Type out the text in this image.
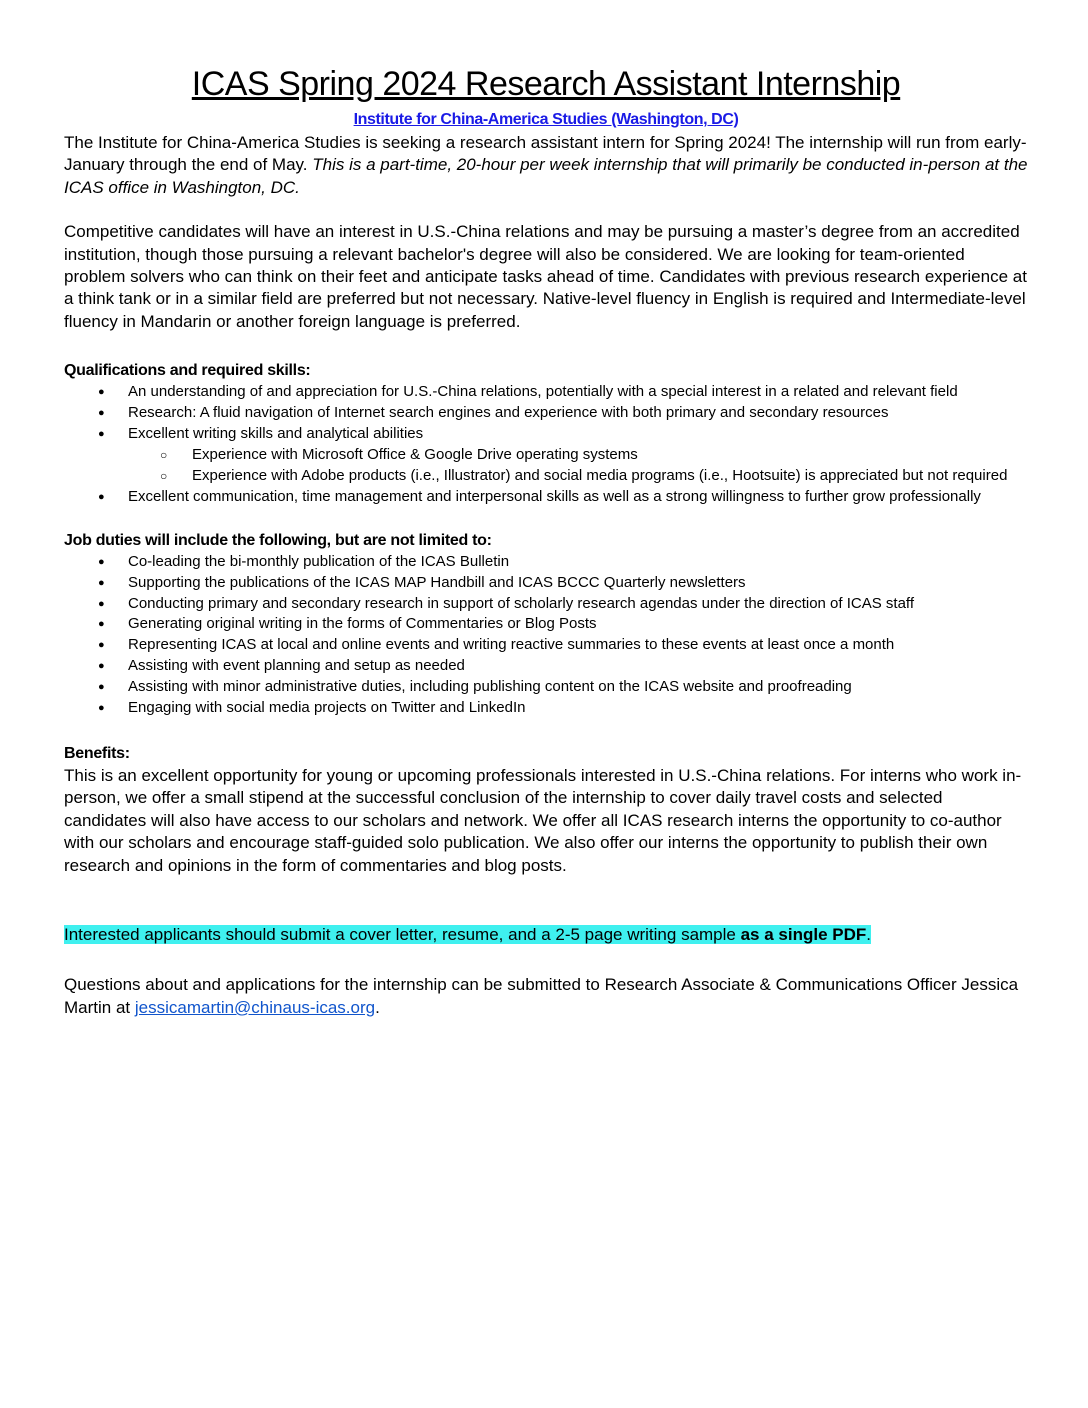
ICAS Spring 2024 Research Assistant Internship
Institute for China-America Studies (Washington, DC)

The Institute for China-America Studies is seeking a research assistant intern for Spring 2024! The internship will run from early-January through the end of May. This is a part-time, 20-hour per week internship that will primarily be conducted in-person at the ICAS office in Washington, DC.

Competitive candidates will have an interest in U.S.-China relations and may be pursuing a master’s degree from an accredited institution, though those pursuing a relevant bachelor's degree will also be considered. We are looking for team-oriented problem solvers who can think on their feet and anticipate tasks ahead of time. Candidates with previous research experience at a think tank or in a similar field are preferred but not necessary. Native-level fluency in English is required and Intermediate-level fluency in Mandarin or another foreign language is preferred.

Qualifications and required skills:

● An understanding of and appreciation for U.S.-China relations, potentially with a special interest in a related and relevant field
● Research: A fluid navigation of Internet search engines and experience with both primary and secondary resources
● Excellent writing skills and analytical abilities
○ Experience with Microsoft Office & Google Drive operating systems
○ Experience with Adobe products (i.e., Illustrator) and social media programs (i.e., Hootsuite) is appreciated but not required
● Excellent communication, time management and interpersonal skills as well as a strong willingness to further grow professionally

Job duties will include the following, but are not limited to:

● Co-leading the bi-monthly publication of the ICAS Bulletin
● Supporting the publications of the ICAS MAP Handbill and ICAS BCCC Quarterly newsletters
● Conducting primary and secondary research in support of scholarly research agendas under the direction of ICAS staff
● Generating original writing in the forms of Commentaries or Blog Posts
● Representing ICAS at local and online events and writing reactive summaries to these events at least once a month
● Assisting with event planning and setup as needed
● Assisting with minor administrative duties, including publishing content on the ICAS website and proofreading
● Engaging with social media projects on Twitter and LinkedIn

Benefits:

This is an excellent opportunity for young or upcoming professionals interested in U.S.-China relations. For interns who work in-person, we offer a small stipend at the successful conclusion of the internship to cover daily travel costs and selected candidates will also have access to our scholars and network. We offer all ICAS research interns the opportunity to co-author with our scholars and encourage staff-guided solo publication. We also offer our interns the opportunity to publish their own research and opinions in the form of commentaries and blog posts.

Interested applicants should submit a cover letter, resume, and a 2-5 page writing sample as a single PDF.

Questions about and applications for the internship can be submitted to Research Associate & Communications Officer Jessica Martin at jessicamartin@chinaus-icas.org.
